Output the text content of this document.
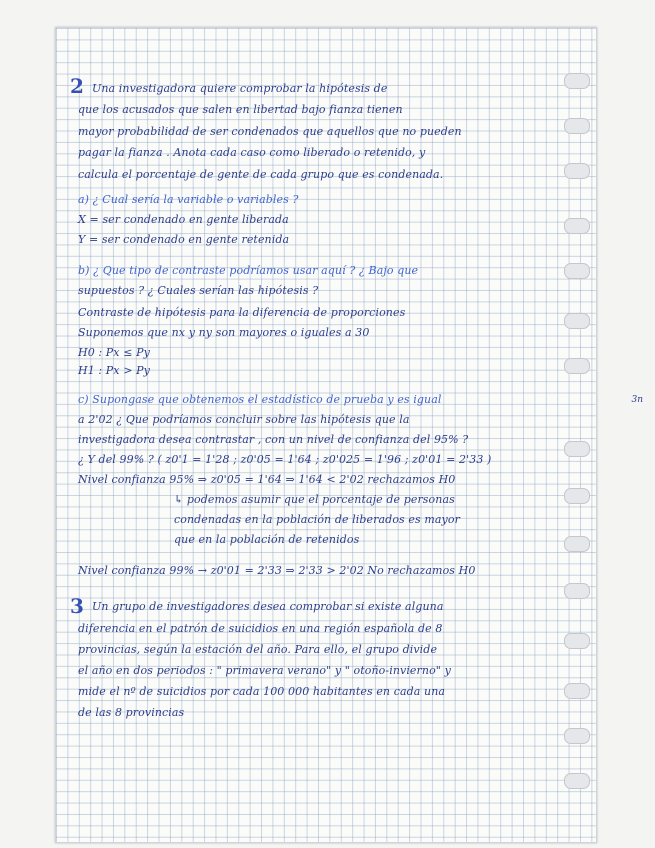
3n
2 Una investigadora quiere comprobar la hipótesis de
que los acusados que salen en libertad bajo fianza tienen
mayor probabilidad de ser condenados que aquellos que no pueden
pagar la fianza . Anota cada caso como liberado o retenido, y
calcula el porcentaje de gente de cada grupo que es condenada.
a) ¿ Cual sería la variable o variables ?
X = ser condenado en gente liberada
Y = ser condenado en gente retenida
b) ¿ Que tipo de contraste podríamos usar aquí ? ¿ Bajo que
supuestos ? ¿ Cuales serían las hipótesis ?
Contraste de hipótesis para la diferencia de proporciones
Suponemos que nx y ny son mayores o iguales a 30
H0 : Px ≤ Py
H1 : Px > Py
c) Supongase que obtenemos el estadístico de prueba y es igual
a 2'02 ¿ Que podríamos concluir sobre las hipótesis que la
investigadora desea contrastar , con un nivel de confianza del 95% ?
¿ Y del 99% ? ( z0'1 = 1'28 ; z0'05 = 1'64 ; z0'025 = 1'96 ; z0'01 = 2'33 )
Nivel confianza 95% ⇒ z0'05 = 1'64 ⇒ 1'64 < 2'02 rechazamos H0
↳ podemos asumir que el porcentaje de personas
condenadas en la población de liberados es mayor
que en la población de retenidos
Nivel confianza 99% → z0'01 = 2'33 ⇒ 2'33 > 2'02 No rechazamos H0
3 Un grupo de investigadores desea comprobar si existe alguna
diferencia en el patrón de suicidios en una región española de 8
provincias, según la estación del año. Para ello, el grupo divide
el año en dos periodos : " primavera verano" y " otoño-invierno" y
mide el nº de suicidios por cada 100 000 habitantes en cada una
de las 8 provincias
